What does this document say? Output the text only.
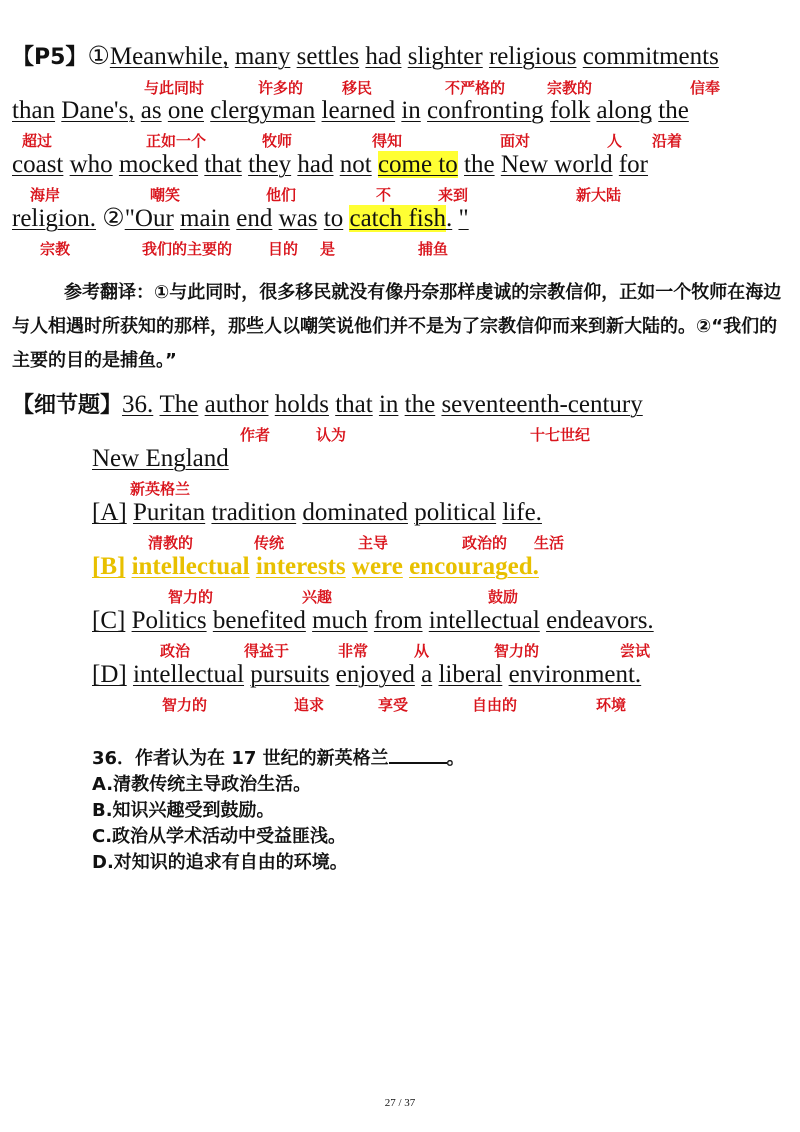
【P5】①Meanwhile, many settles had slighter religious commitments
与此同时	许多的	移民	不严格的	宗教的	信奉
than Dane's, as one clergyman learned in confronting folk along the
超过	正如一个	牧师	得知	面对	人 沿着
coast who mocked that they had not come to the New world for
海岸	嘲笑	他们	不	来到	新大陆
religion. ②"Our main end was to catch fish. "
宗教	我们的主要的 目的 是	捕鱼
参考翻译：①与此同时，很多移民就没有像丹奈那样虔诚的宗教信仰，正如一个牧师在海边与人相遇时所获知的那样，那些人以嘲笑说他们并不是为了宗教信仰而来到新大陆的。②“我们的主要的目的是捕鱼。”
【细节题】36. The author holds that in the seventeenth-century
作者	认为	十七世纪
New England
新英格兰
[A] Puritan tradition dominated political life.
清教的	传统	主导	政治的 生活
[B] intellectual interests were encouraged.
智力的	兴趣	鼓励
[C] Politics benefited much from intellectual endeavors.
政治	得益于	非常	从	智力的	尝试
[D] intellectual pursuits enjoyed a liberal environment.
智力的	追求	享受	自由的	环境
36．作者认为在 17 世纪的新英格兰	。
A.清教传统主导政治生活。
B.知识兴趣受到鼓励。
C.政治从学术活动中受益匪浅。
D.对知识的追求有自由的环境。
27 / 37
